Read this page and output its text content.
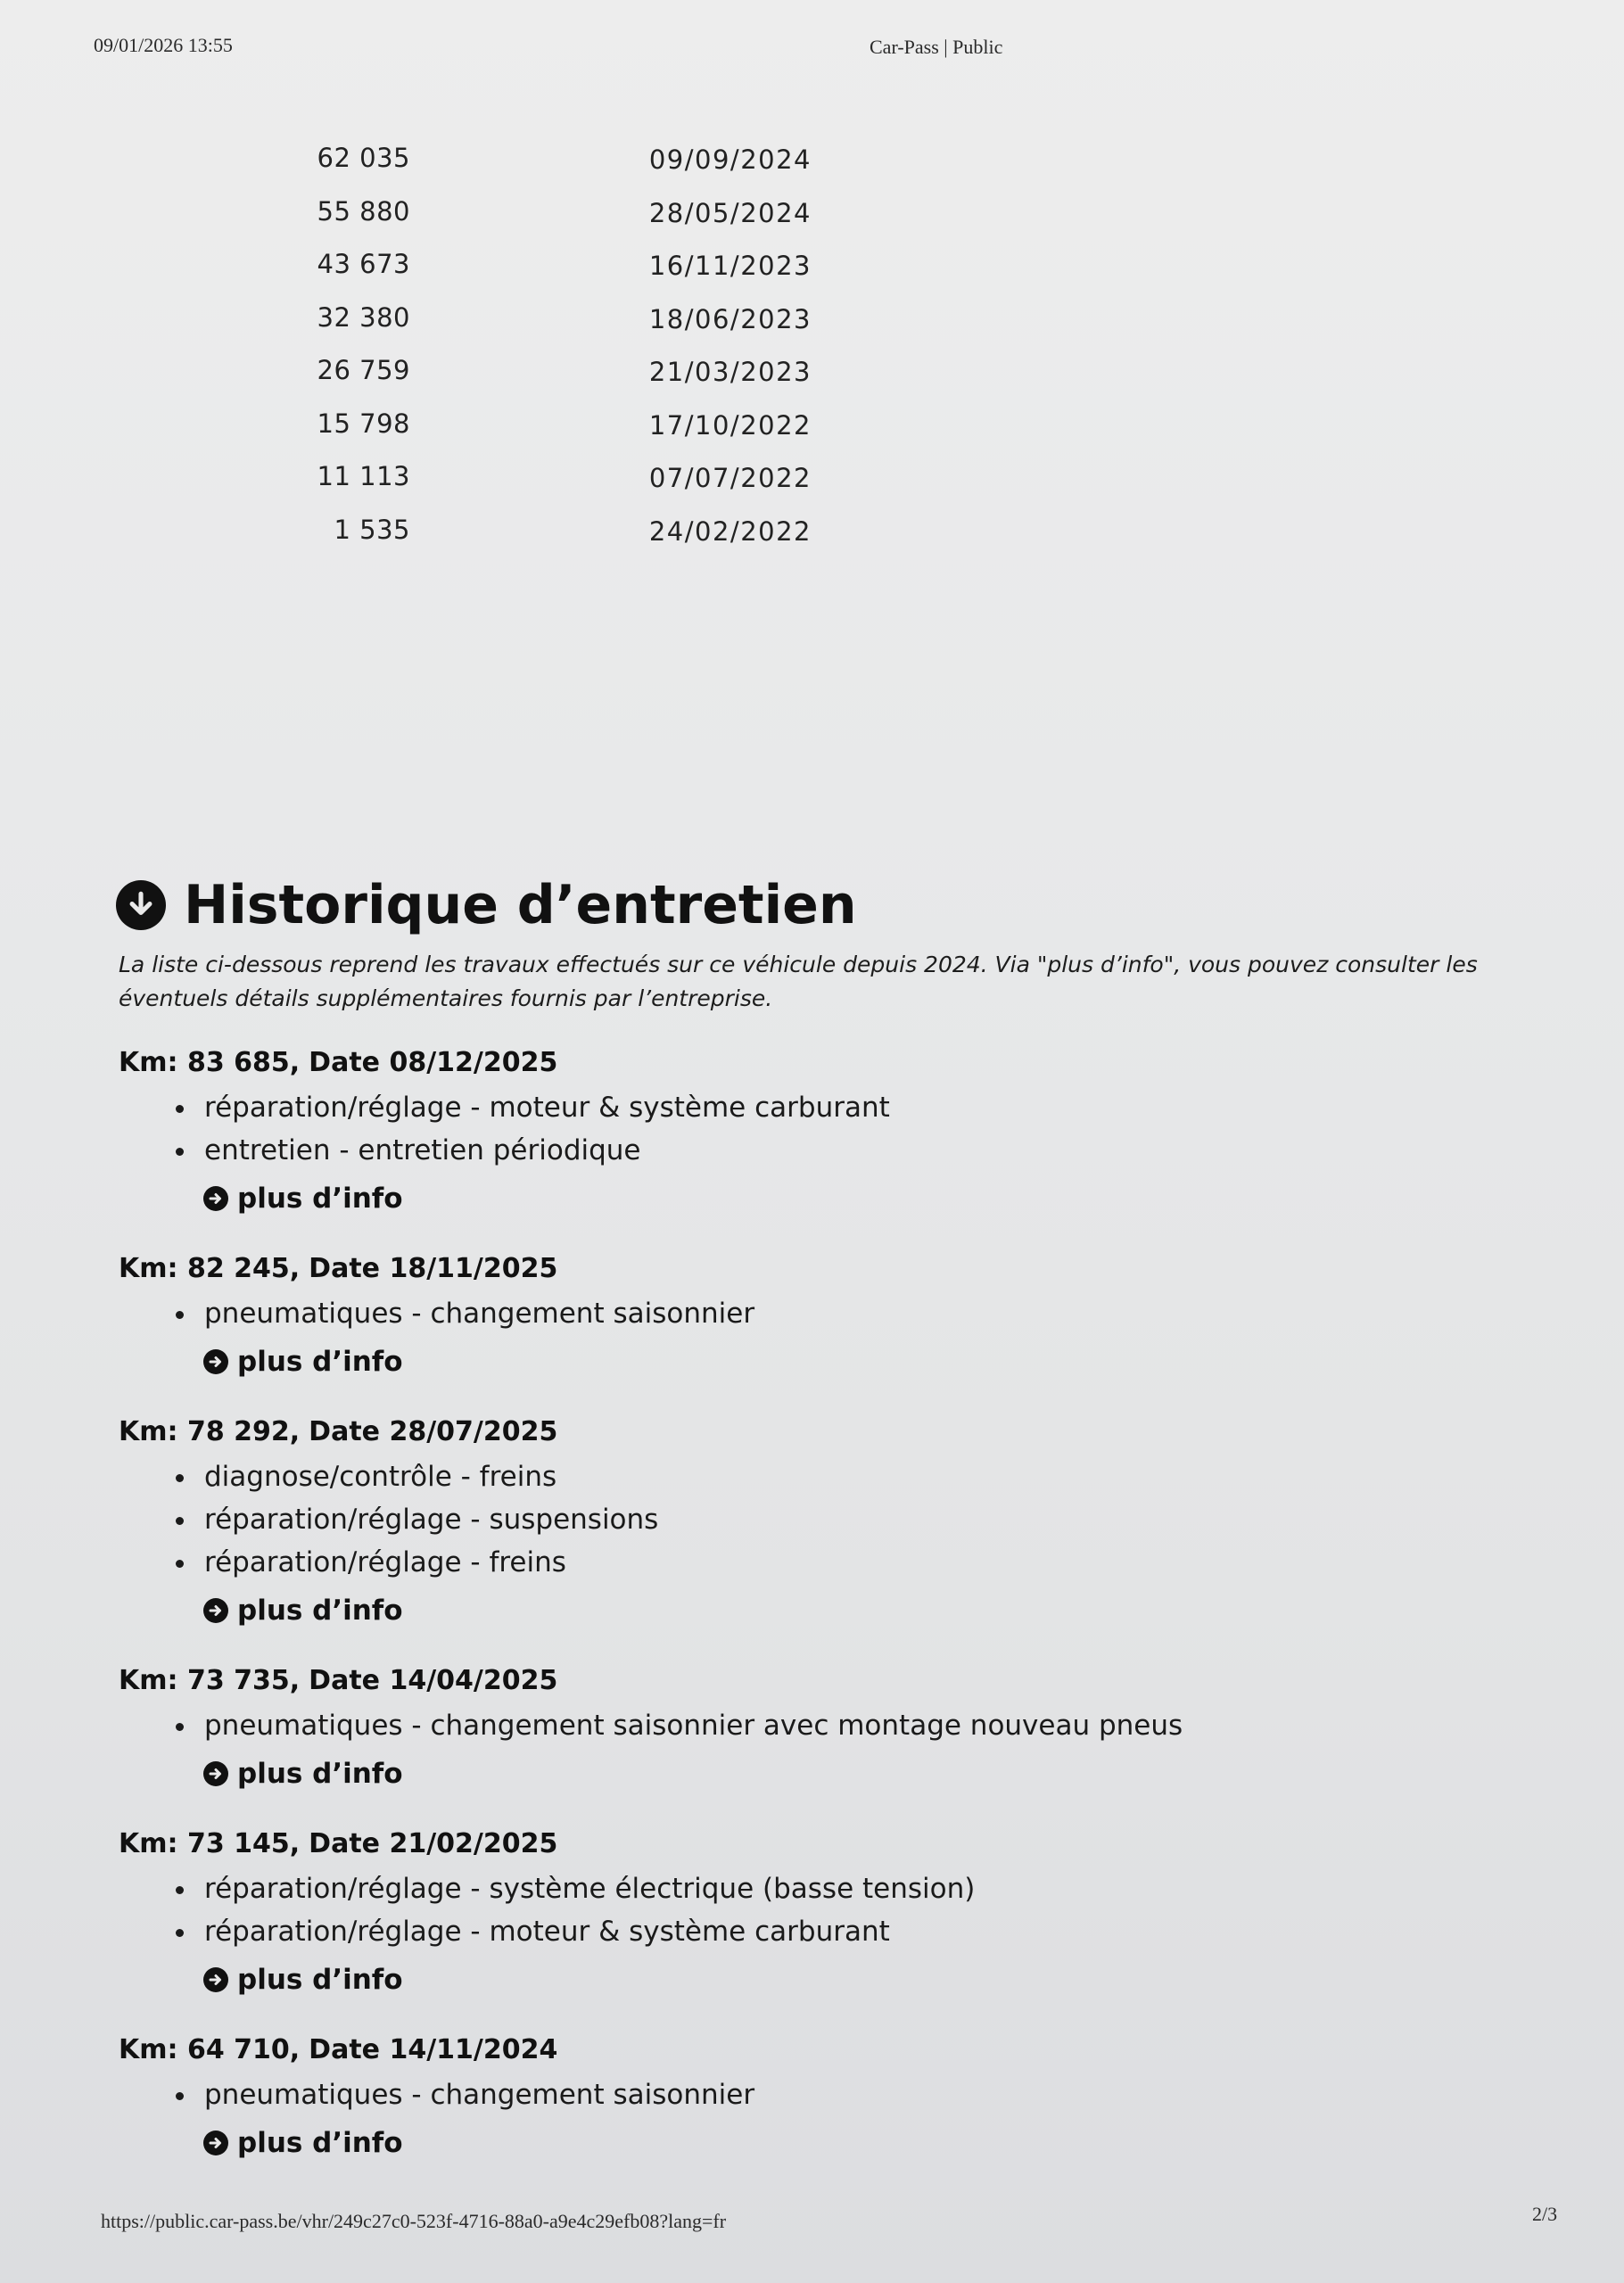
09/01/2026 13:55	Car-Pass | Public
62 035	09/09/2024
55 880	28/05/2024
43 673	16/11/2023
32 380	18/06/2023
26 759	21/03/2023
15 798	17/10/2022
11 113	07/07/2022
1 535	24/02/2022
Historique d’entretien
La liste ci-dessous reprend les travaux effectués sur ce véhicule depuis 2024. Via "plus d’info", vous pouvez consulter les éventuels détails supplémentaires fournis par l’entreprise.
Km: 83 685, Date 08/12/2025
réparation/réglage - moteur & système carburant
entretien - entretien périodique
plus d’info
Km: 82 245, Date 18/11/2025
pneumatiques - changement saisonnier
plus d’info
Km: 78 292, Date 28/07/2025
diagnose/contrôle - freins
réparation/réglage - suspensions
réparation/réglage - freins
plus d’info
Km: 73 735, Date 14/04/2025
pneumatiques - changement saisonnier avec montage nouveau pneus
plus d’info
Km: 73 145, Date 21/02/2025
réparation/réglage - système électrique (basse tension)
réparation/réglage - moteur & système carburant
plus d’info
Km: 64 710, Date 14/11/2024
pneumatiques - changement saisonnier
plus d’info
https://public.car-pass.be/vhr/249c27c0-523f-4716-88a0-a9e4c29efb08?lang=fr	2/3
